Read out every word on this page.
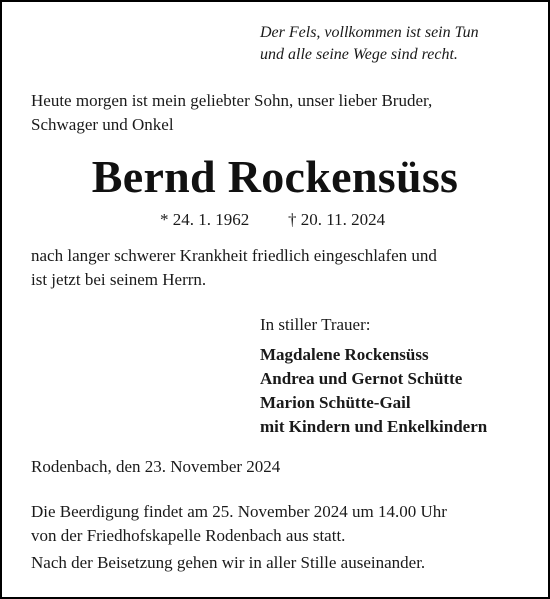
Der Fels, vollkommen ist sein Tun
und alle seine Wege sind recht.
Heute morgen ist mein geliebter Sohn, unser lieber Bruder,
Schwager und Onkel
Bernd Rockensüss
* 24. 1. 1962 † 20. 11. 2024
nach langer schwerer Krankheit friedlich eingeschlafen und
ist jetzt bei seinem Herrn.
In stiller Trauer:
Magdalene Rockensüss
Andrea und Gernot Schütte
Marion Schütte-Gail
mit Kindern und Enkelkindern
Rodenbach, den 23. November 2024
Die Beerdigung findet am 25. November 2024 um 14.00 Uhr
von der Friedhofskapelle Rodenbach aus statt.
Nach der Beisetzung gehen wir in aller Stille auseinander.
